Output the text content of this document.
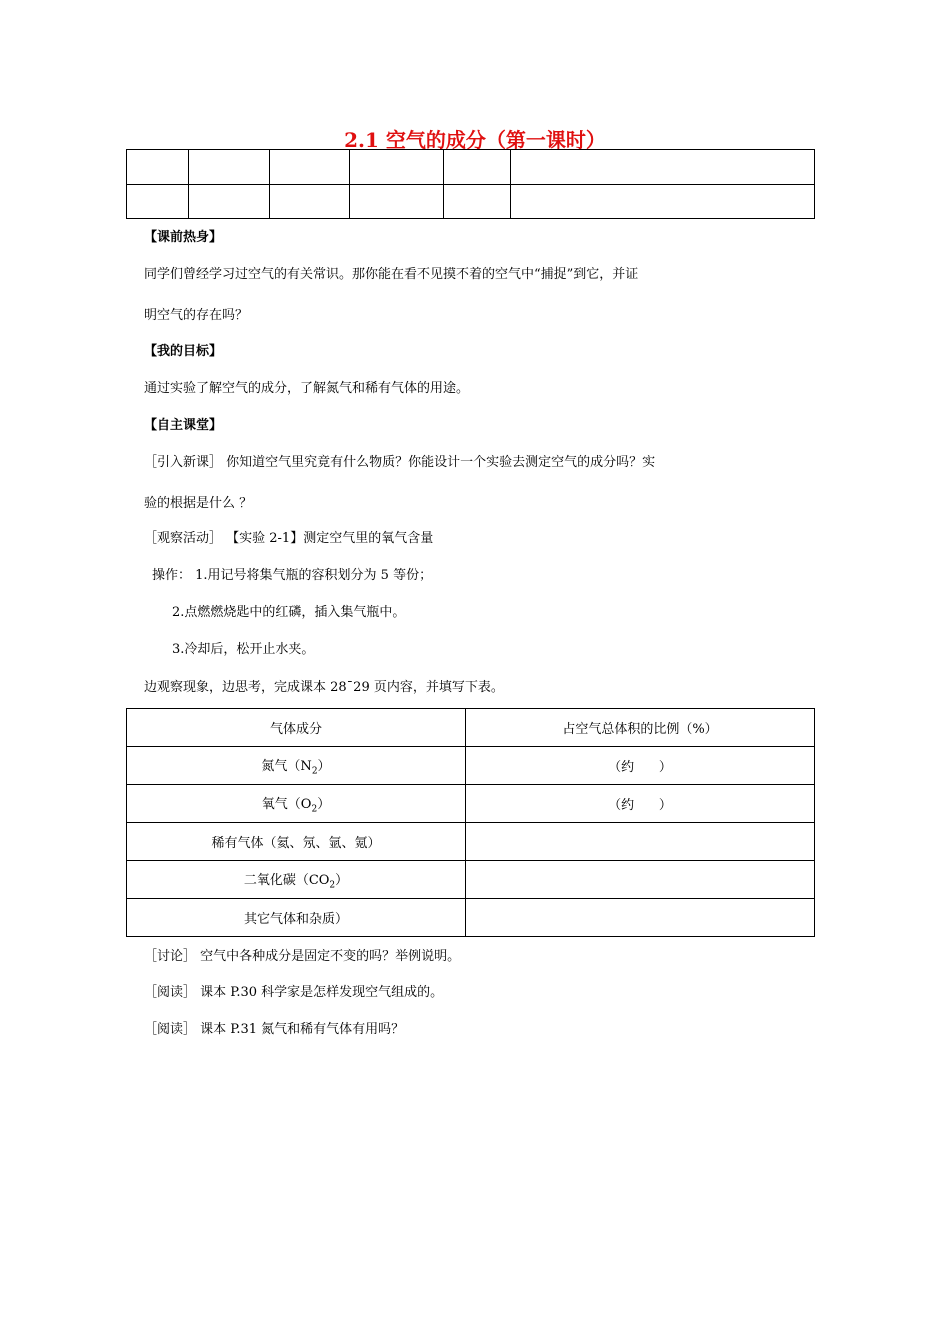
2.1 空气的成分（第一课时）

【课前热身】
同学们曾经学习过空气的有关常识。那你能在看不见摸不着的空气中“捕捉”到它，并证
明空气的存在吗？
【我的目标】
通过实验了解空气的成分，了解氮气和稀有气体的用途。
【自主课堂】
［引入新课］ 你知道空气里究竟有什么物质？你能设计一个实验去测定空气的成分吗？实
验的根据是什么 ？
［观察活动］ 【实验 2-1】测定空气里的氧气含量
操作： 1.用记号将集气瓶的容积划分为 5 等份；
2.点燃燃烧匙中的红磷，插入集气瓶中。
3.冷却后，松开止水夹。
边观察现象，边思考，完成课本 28¯29 页内容，并填写下表。
气体成分	占空气总体积的比例（%）
氮气$(N_2)$	（约      ）
氧气$(O_2)$	（约      ）
稀有气体（氦、氖、氩、氪）	
二氧化碳$(CO_2)$	
其它气体和杂质）	
［讨论］ 空气中各种成分是固定不变的吗？举例说明。
［阅读］ 课本 P.30 科学家是怎样发现空气组成的。
［阅读］ 课本 P.31 氮气和稀有气体有用吗？
